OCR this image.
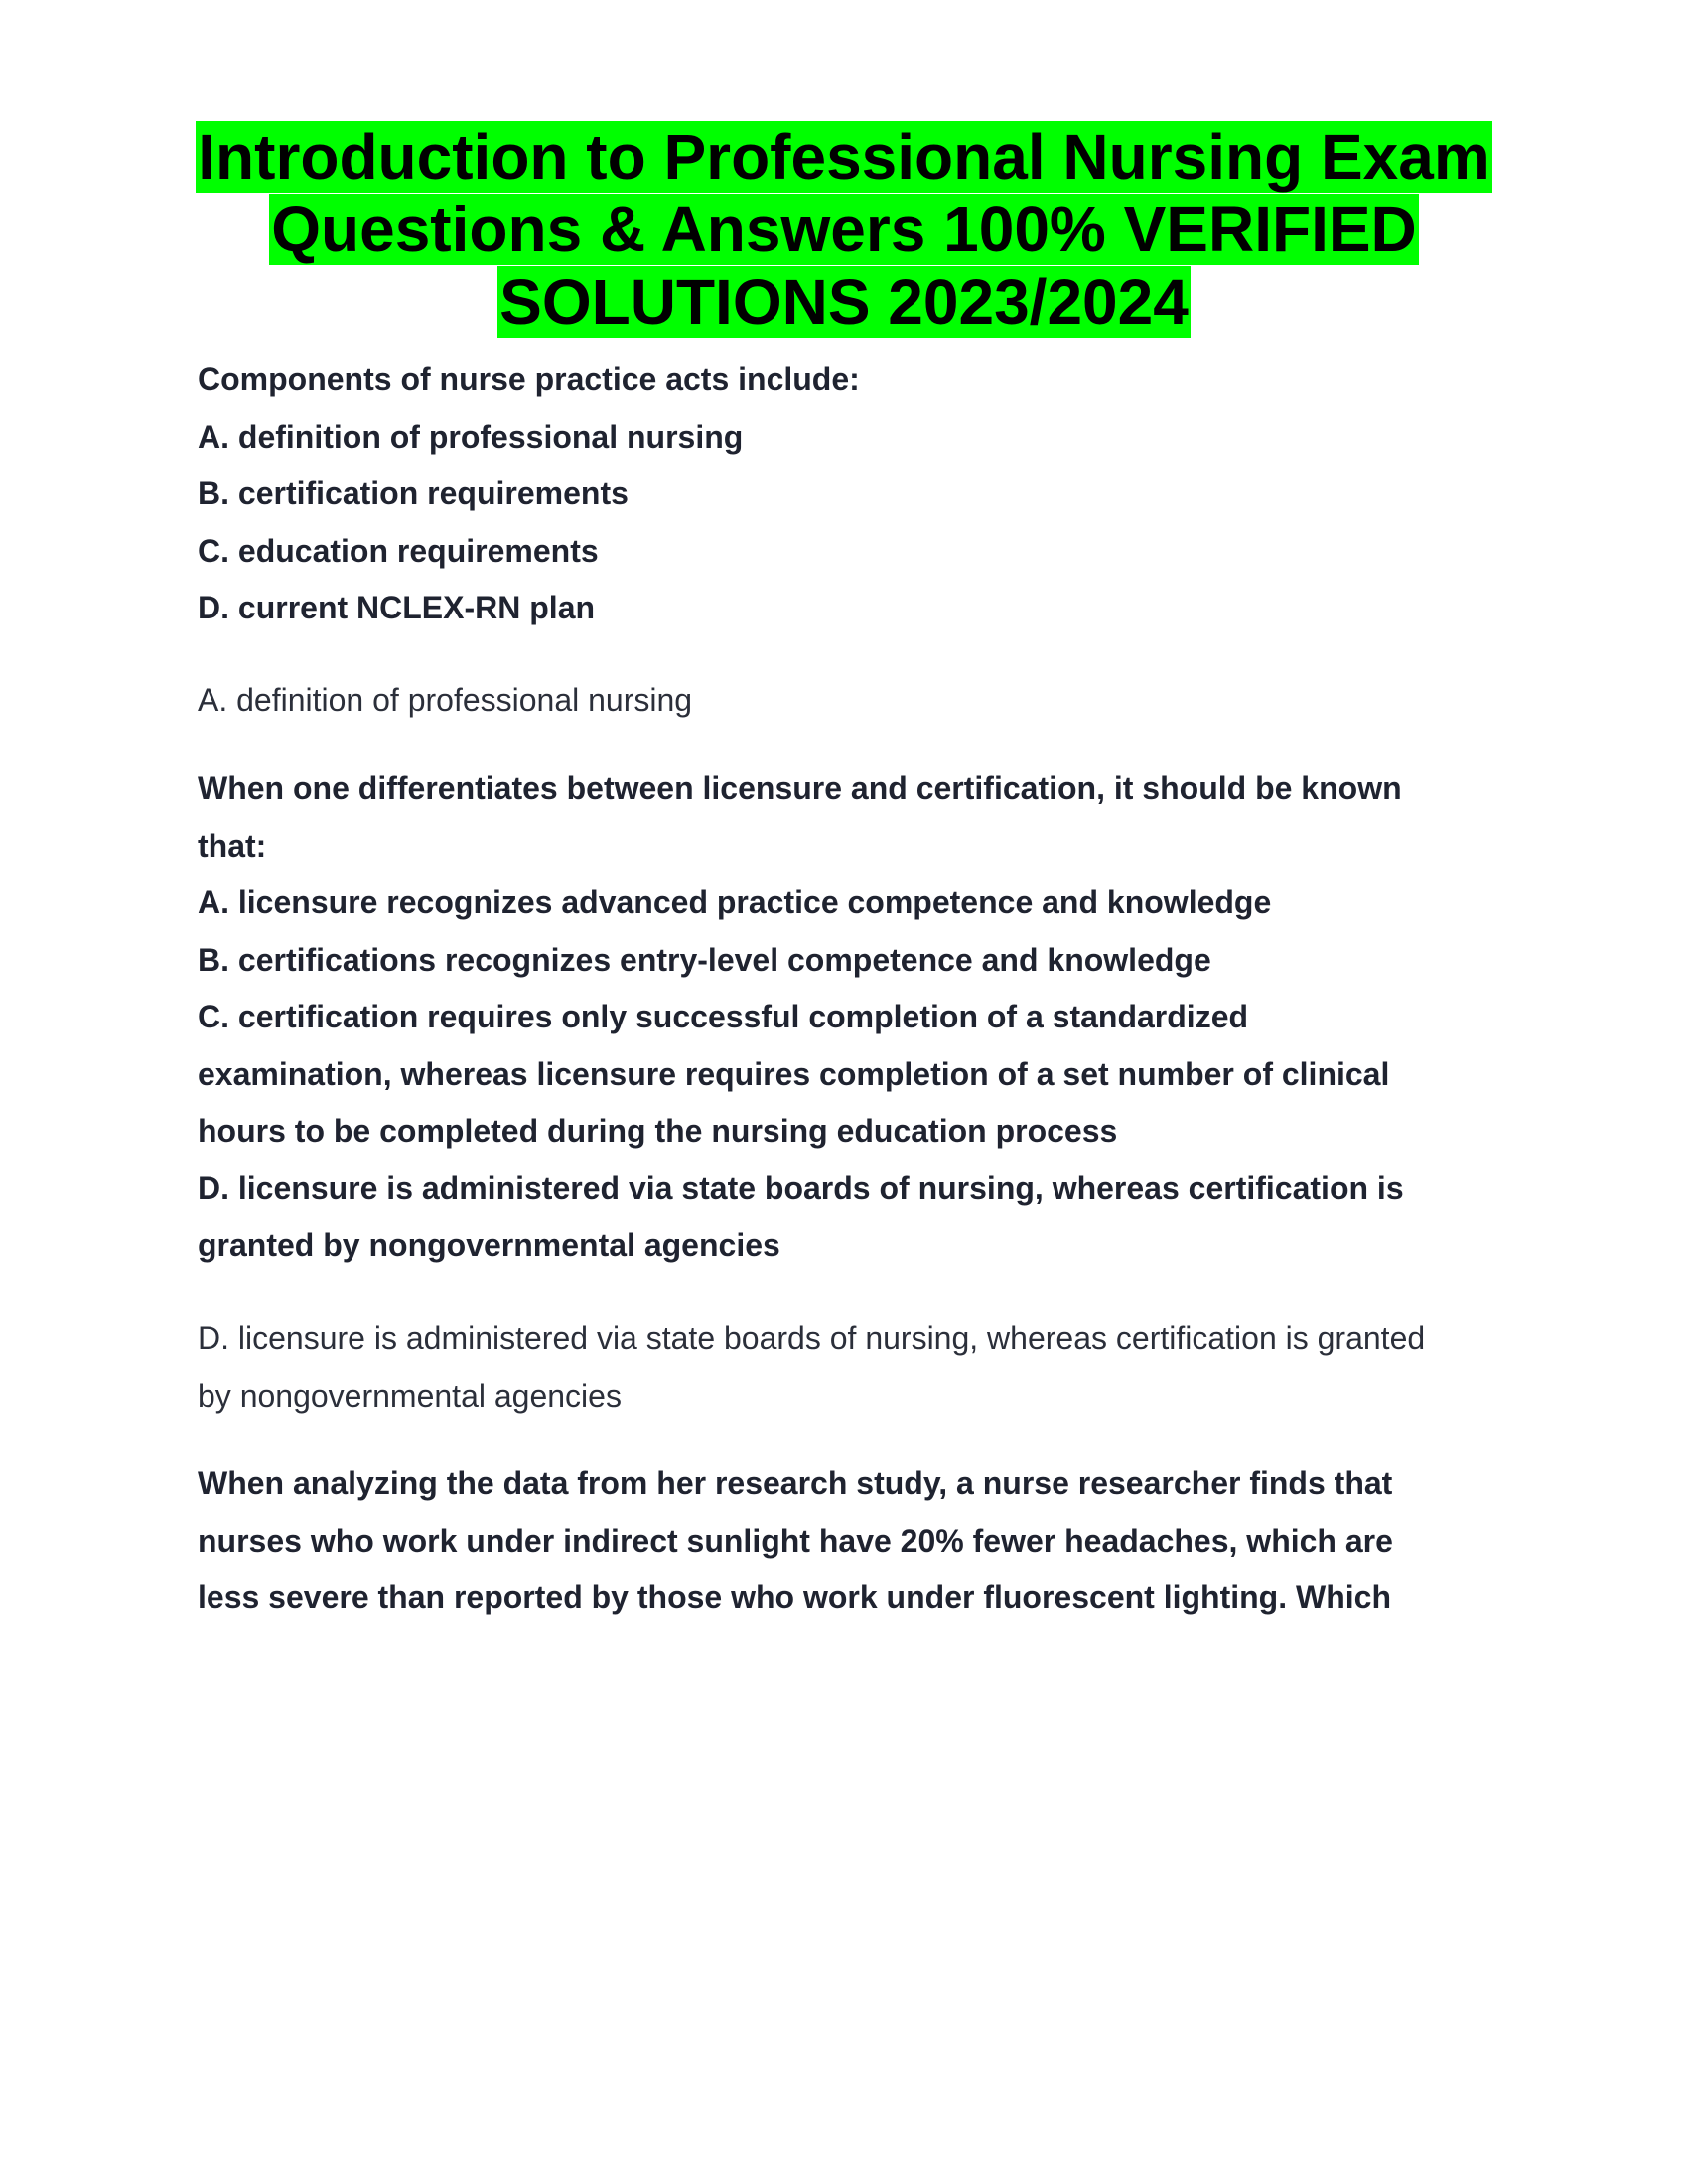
Introduction to Professional Nursing Exam
Questions & Answers 100% VERIFIED
SOLUTIONS 2023/2024
Components of nurse practice acts include:
A. definition of professional nursing
B. certification requirements
C. education requirements
D. current NCLEX-RN plan
A. definition of professional nursing
When one differentiates between licensure and certification, it should be known
that:
A. licensure recognizes advanced practice competence and knowledge
B. certifications recognizes entry-level competence and knowledge
C. certification requires only successful completion of a standardized
examination, whereas licensure requires completion of a set number of clinical
hours to be completed during the nursing education process
D. licensure is administered via state boards of nursing, whereas certification is
granted by nongovernmental agencies
D. licensure is administered via state boards of nursing, whereas certification is granted
by nongovernmental agencies
When analyzing the data from her research study, a nurse researcher finds that
nurses who work under indirect sunlight have 20% fewer headaches, which are
less severe than reported by those who work under fluorescent lighting. Which
